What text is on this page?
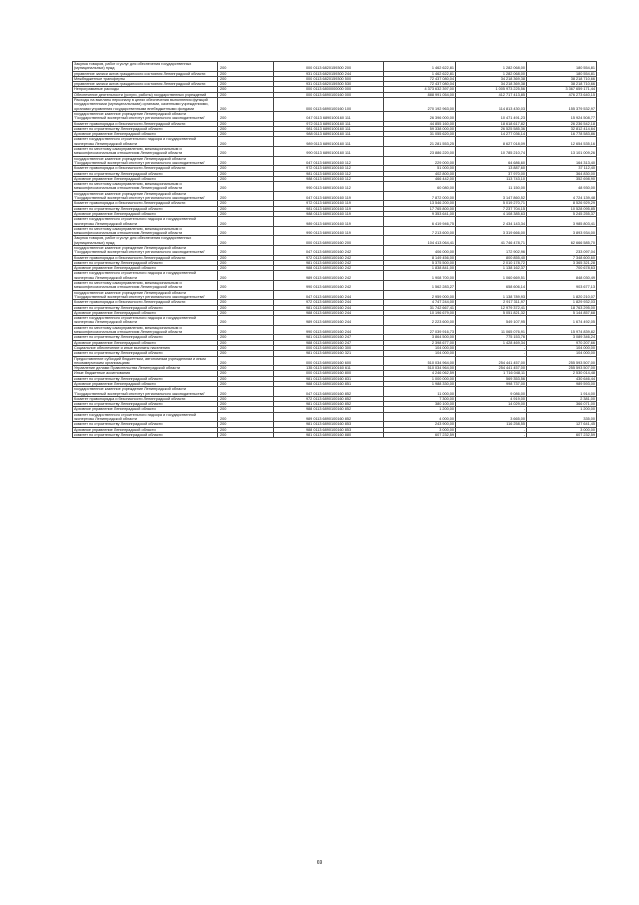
Закупка товаров, работ и услуг для обеспечения государственных (муниципальных) нужд	200	000 0113 6820159300 200	1 462 622,81	1 282 068,00	180 554,81
управление записи актов гражданского состояния Ленинградской области	200	931 0113 6820159300 244	1 462 622,81	1 282 068,00	180 554,81
Межбюджетные трансферты	200	000 0113 6820159300 500	72 437 080,04	34 218 369,38	38 218 710,66
управление записи актов гражданского состояния Ленинградской области	200	931 0113 6820159300 530	72 437 080,04	34 218 369,38	38 218 710,66
Непрограммные расходы	200	000 0113 6800000000 000	4 373 632 397,00	1 005 973 225,56	3 367 659 171,44
Обеспечение деятельности (услуги, работы) государственных учреждений	200	000 0113 6890100160 000	888 991 054,00	412 717 413,85	476 273 640,15
Расходы на выплаты персоналу в целях обеспечения выполнения функций государственными (муниципальными) органами, казенными учреждениями, органами управления государственными внебюджетными фондами	200	000 0113 6890100160 100	270 192 963,00	114 813 430,03	155 379 532,97
государственное казенное учреждение Ленинградской области "Государственный экспертный институт регионального законодательства"	200	047 0113 6890100160 111	26 396 000,00	10 471 491,23	15 924 508,77
Комитет правопорядка и безопасности Ленинградской области	200	972 0113 6890100160 111	44 855 160,00	18 618 617,82	26 236 542,18
комитет по строительству Ленинградской области	200	981 0113 6890100160 111	59 338 000,00	26 525 585,36	32 812 414,64
Архивное управление Ленинградской области	200	988 0113 6890100160 111	31 055 620,00	14 277 036,14	16 778 583,86
комитет государственного строительного надзора и государственной экспертизы Ленинградской области	200	989 0113 6890100160 111	21 281 553,25	8 627 018,09	12 654 535,16
комитет по местному самоуправлению, межнациональным и межконфессиональным отношениям Ленинградской области	200	990 0113 6890100160 111	23 886 220,00	10 785 210,74	13 101 009,26
государственное казенное учреждение Ленинградской области "Государственный экспертный институт регионального законодательства"	200	047 0113 6890100160 112	229 000,00	64 686,60	164 313,40
Комитет правопорядка и безопасности Ленинградской области	200	972 0113 6890100160 112	51 000,00	13 887,60	37 112,40
комитет по строительству Ленинградской области	200	981 0113 6890100160 112	402 800,00	37 970,00	364 830,00
Архивное управление Ленинградской области	200	988 0113 6890100160 112	466 442,00	113 743,10	352 698,90
комитет по местному самоуправлению, межнациональным и межконфессиональным отношениям Ленинградской области	200	990 0113 6890100160 112	60 080,00	11 150,00	48 930,00
государственное казенное учреждение Ленинградской области "Государственный экспертный институт регионального законодательства"	200	047 0113 6890100160 119	7 872 000,00	3 147 860,52	4 724 139,48
Комитет правопорядка и безопасности Ленинградской области	200	972 0113 6890100160 119	13 546 200,00	5 019 270,71	8 526 929,29
комитет по строительству Ленинградской области	200	981 0113 6890100160 119	17 765 800,00	7 237 704,15	10 528 095,85
Архивное управление Ленинградской области	200	988 0113 6890100160 119	9 353 641,00	4 108 385,63	5 245 255,37
комитет государственного строительного надзора и государственной экспертизы Ленинградской области	200	989 0113 6890100160 119	6 419 946,75	2 434 143,34	3 985 803,41
комитет по местному самоуправлению, межнациональным и межконфессиональным отношениям Ленинградской области	200	990 0113 6890100160 119	7 213 600,00	3 319 666,00	3 893 934,00
Закупка товаров, работ и услуг для обеспечения государственных (муниципальных) нужд	200	000 0113 6890100160 200	104 413 064,41	41 746 478,71	62 666 585,70
государственное казенное учреждение Ленинградской области "Государственный экспертный институт регионального законодательства"	200	047 0113 6890100160 242	406 000,00	172 902,96	233 097,04
Комитет правопорядка и безопасности Ленинградской области	200	972 0113 6890100160 242	8 149 456,00	800 855,40	7 348 600,60
комитет по строительству Ленинградской области	200	981 0113 6890100160 242	5 375 500,00	2 010 178,72	3 365 321,28
Архивное управление Ленинградской области	200	988 0113 6890100160 242	1 838 841,00	1 138 162,37	700 678,63
комитет государственного строительного надзора и государственной экспертизы Ленинградской области	200	989 0113 6890100160 242	1 908 700,00	1 060 669,51	848 030,49
комитет по местному самоуправлению, межнациональным и межконфессиональным отношениям Ленинградской области	200	990 0113 6890100160 242	1 562 283,27	658 606,14	903 677,13
государственное казенное учреждение Ленинградской области "Государственный экспертный институт регионального законодательства"	200	047 0113 6890100160 244	2 959 000,00	1 138 789,93	1 820 210,07
Комитет правопорядка и безопасности Ленинградской области	200	972 0113 6890100160 244	4 747 244,00	2 917 311,97	1 829 932,03
комитет по строительству Ленинградской области	200	981 0113 6890100160 244	31 742 667,41	12 979 372,41	18 763 295,00
Архивное управление Ленинградской области	200	988 0113 6890100160 244	10 196 679,00	5 051 821,32	5 144 857,68
комитет государственного строительного надзора и государственной экспертизы Ленинградской области	200	989 0113 6890100160 244	2 223 600,00	549 107,95	1 674 492,05
комитет по местному самоуправлению, межнациональным и межконфессиональным отношениям Ленинградской области	200	990 0113 6890100160 244	27 039 916,73	11 065 076,91	15 974 839,82
комитет по строительству Ленинградской области	200	981 0113 6890100160 247	3 864 500,00	775 153,76	3 089 346,24
Архивное управление Ленинградской области	200	988 0113 6890100160 247	2 398 677,00	1 428 469,34	970 207,66
Социальное обеспечение и иные выплаты населению	200	000 0113 6890100160 300	104 000,00	-	104 000,00
комитет по строительству Ленинградской области	200	981 0113 6890100160 321	104 000,00	-	104 000,00
Предоставление субсидий бюджетным, автономным учреждениям и иным некоммерческим организациям	200	000 0113 6890100160 600	510 034 964,00	254 441 457,00	255 593 507,00
Управление делами Правительства Ленинградской области	200	135 0113 6890100160 611	510 034 964,00	254 441 457,00	255 593 507,00
Иные бюджетные ассигнования	200	000 0113 6890100160 800	4 246 062,59	1 716 048,11	2 530 014,48
комитет по строительству Ленинградской области	200	981 0113 6890100160 831	1 000 000,00	569 353,56	430 646,44
Архивное управление Ленинградской области	200	988 0113 6890100160 851	1 988 330,00	998 737,00	989 593,00
государственное казенное учреждение Ленинградской области "Государственный экспертный институт регионального законодательства"	200	047 0113 6890100160 852	11 000,00	9 086,00	1 914,00
Комитет правопорядка и безопасности Ленинградской области	200	972 0113 6890100160 852	7 300,00	4 919,00	2 381,00
комитет по строительству Ленинградской области	200	981 0113 6890100160 852	380 100,00	14 029,00	366 071,00
Архивное управление Ленинградской области	200	988 0113 6890100160 852	1 200,00	-	1 200,00
комитет государственного строительного надзора и государственной экспертизы Ленинградской области	200	989 0113 6890100160 852	4 000,00	3 665,00	335,00
комитет по строительству Ленинградской области	200	981 0113 6890100160 853	243 900,00	116 258,55	127 641,45
Архивное управление Ленинградской области	200	988 0113 6890100160 853	3 000,00	-	3 000,00
комитет по строительству Ленинградской области	200	981 0113 6890100160 880	607 232,59	-	607 232,59
69
